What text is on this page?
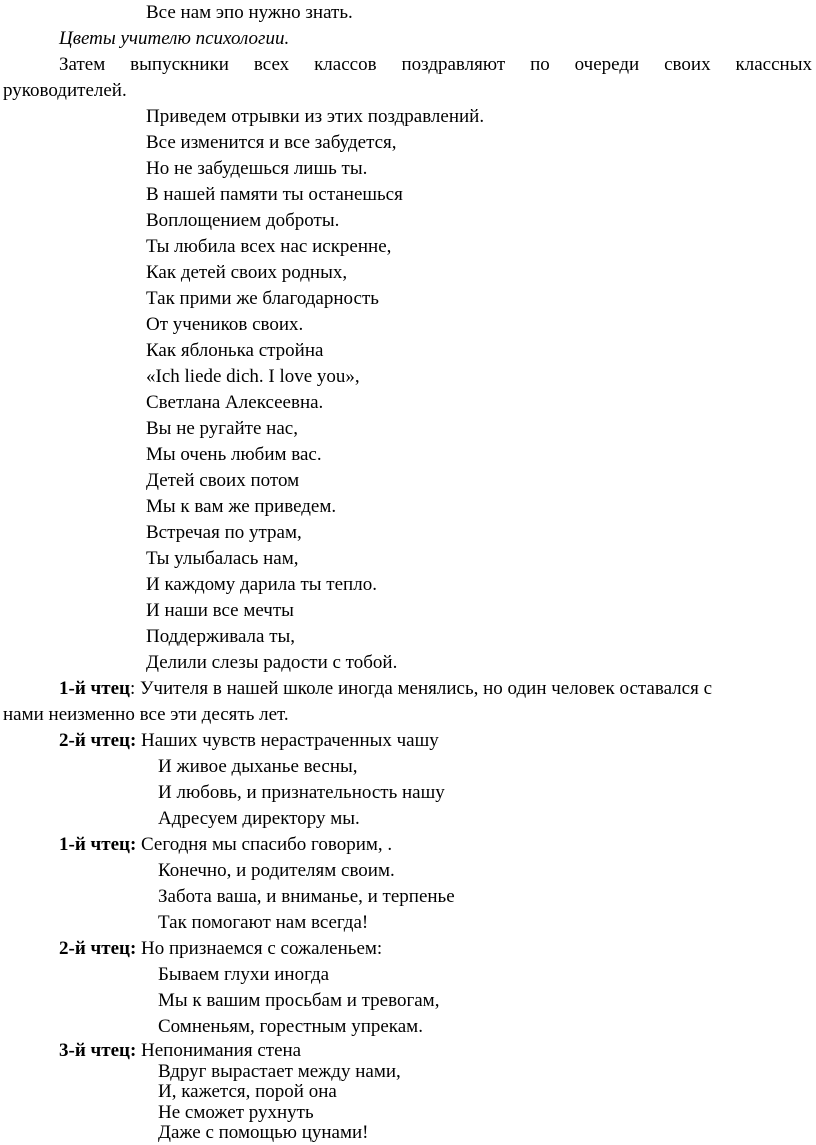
Все нам эпо нужно знать.
Цветы учителю психологии.
Затем выпускники всех классов поздравляют по очереди своих классных
руководителей.
Приведем отрывки из этих поздравлений.
Все изменится и все забудется,
Но не забудешься лишь ты.
В нашей памяти ты останешься
Воплощением доброты.
Ты любила всех нас искренне,
Как детей своих родных,
Так прими же благодарность
От учеников своих.
Как яблонька стройна
«Ich liede dich. I love you»,
Светлана Алексеевна.
Вы не ругайте нас,
Мы очень любим вас.
Детей своих потом
Мы к вам же приведем.
Встречая по утрам,
Ты улыбалась нам,
И каждому дарила ты тепло.
И наши все мечты
Поддерживала ты,
Делили слезы радости с тобой.
1-й чтец: Учителя в нашей школе иногда менялись, но один человек оставался с
нами неизменно все эти десять лет.
2-й чтец: Наших чувств нерастраченных чашу
И живое дыханье весны,
И любовь, и признательность нашу
Адресуем директору мы.
1-й чтец: Сегодня мы спасибо говорим, .
Конечно, и родителям своим.
Забота ваша, и вниманье, и терпенье
Так помогают нам всегда!
2-й чтец: Но признаемся с сожаленьем:
Бываем глухи иногда
Мы к вашим просьбам и тревогам,
Сомненьям, горестным упрекам.
3-й чтец: Непонимания стена
Вдруг вырастает между нами,
И, кажется, порой она
Не сможет рухнуть
Даже с помощью цунами!
